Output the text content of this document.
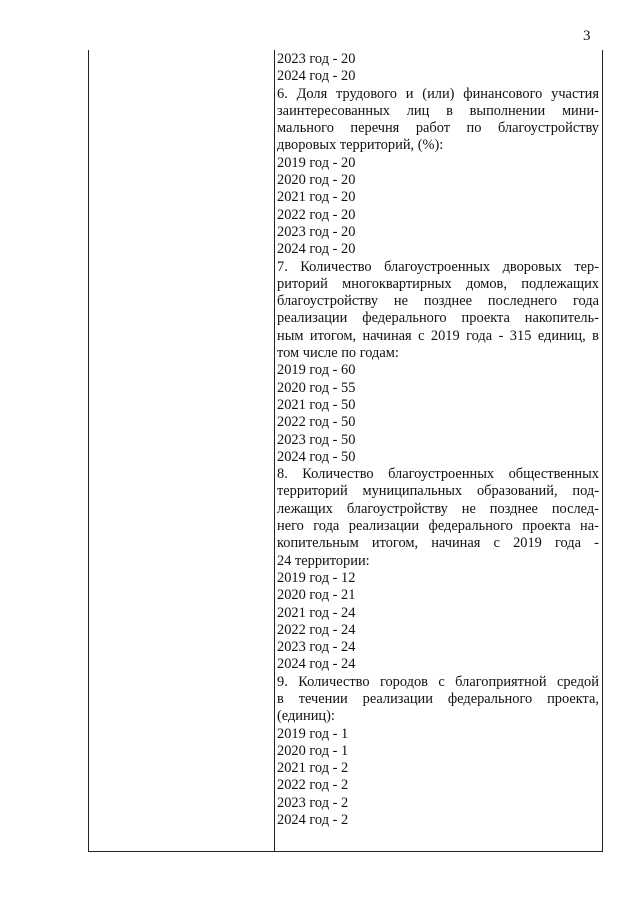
3
2023 год - 20
2024 год - 20
6. Доля трудового и (или) финансового участия
заинтересованных лиц в выполнении мини-
мального перечня работ по благоустройству
дворовых территорий, (%):
2019 год - 20
2020 год - 20
2021 год - 20
2022 год - 20
2023 год - 20
2024 год - 20
7. Количество благоустроенных дворовых тер-
риторий многоквартирных домов, подлежащих
благоустройству не позднее последнего года
реализации федерального проекта накопитель-
ным итогом, начиная с 2019 года - 315 единиц, в
том числе по годам:
2019 год - 60
2020 год - 55
2021 год - 50
2022 год - 50
2023 год - 50
2024 год - 50
8. Количество благоустроенных общественных
территорий муниципальных образований, под-
лежащих благоустройству не позднее послед-
него года реализации федерального проекта на-
копительным итогом, начиная с 2019 года -
24 территории:
2019 год - 12
2020 год - 21
2021 год - 24
2022 год - 24
2023 год - 24
2024 год - 24
9. Количество городов с благоприятной средой
в течении реализации федерального проекта,
(единиц):
2019 год - 1
2020 год - 1
2021 год - 2
2022 год - 2
2023 год - 2
2024 год - 2
